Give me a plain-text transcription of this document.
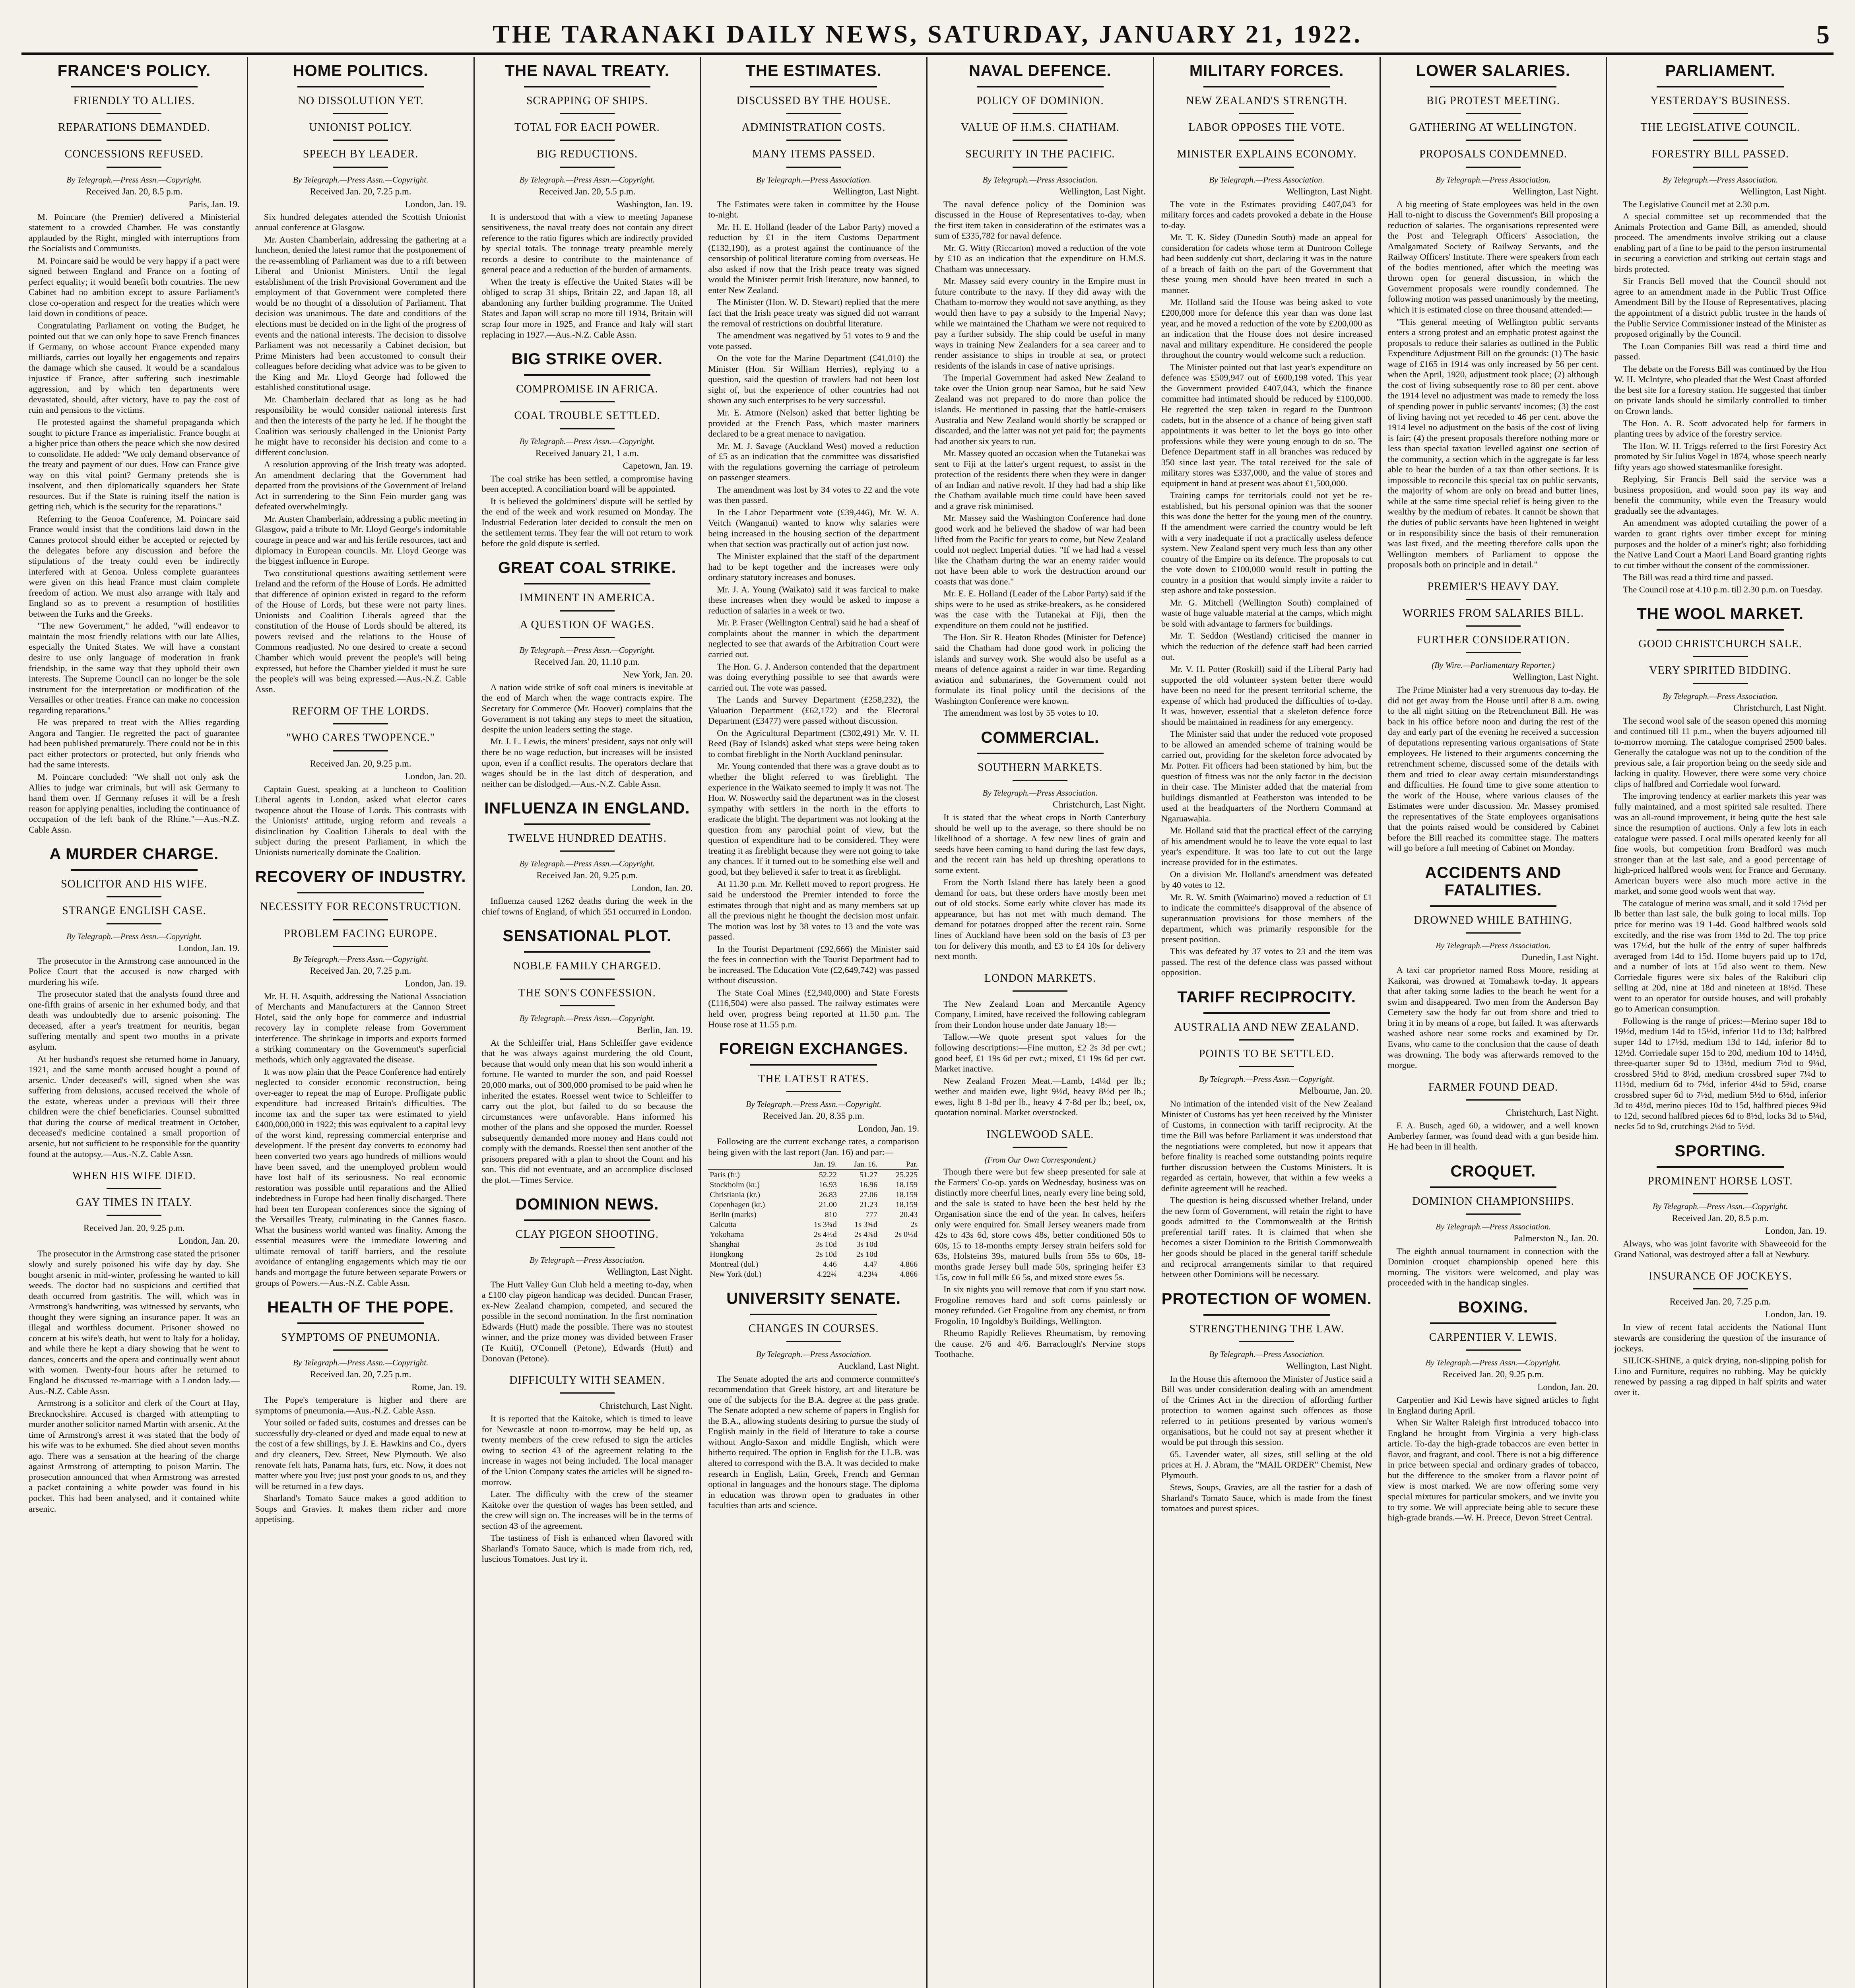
THE TARANAKI DAILY NEWS, SATURDAY, JANUARY 21, 1922.	5
FRANCE'S POLICY.
FRIENDLY TO ALLIES.
REPARATIONS DEMANDED.
CONCESSIONS REFUSED.
By Telegraph.—Press Assn.—Copyright.
Received Jan. 20, 8.5 p.m.
Paris, Jan. 19.

M. Poincare (the Premier) delivered a Ministerial statement to a crowded Chamber. He was constantly applauded by the Right, mingled with interruptions from the Socialists and Communists.

M. Poincare said he would be very happy if a pact were signed between England and France on a footing of perfect equality; it would benefit both countries. The new Cabinet had no ambition except to assure Parliament's close co-operation and respect for the treaties which were laid down in conditions of peace.

Congratulating Parliament on voting the Budget, he pointed out that we can only hope to save French finances if Germany, on whose account France expended many milliards, carries out loyally her engagements and repairs the damage which she caused. It would be a scandalous injustice if France, after suffering such inestimable aggression, and by which ten departments were devastated, should, after victory, have to pay the cost of ruin and pensions to the victims.

He protested against the shameful propaganda which sought to picture France as imperialistic. France bought at a higher price than others the peace which she now desired to consolidate. He added: "We only demand observance of the treaty and payment of our dues. How can France give way on this vital point? Germany pretends she is insolvent, and then diplomatically squanders her State resources. But if the State is ruining itself the nation is getting rich, which is the security for the reparations."

Referring to the Genoa Conference, M. Poincare said France would insist that the conditions laid down in the Cannes protocol should either be accepted or rejected by the delegates before any discussion and before the stipulations of the treaty could even be indirectly interfered with at Genoa. Unless complete guarantees were given on this head France must claim complete freedom of action. We must also arrange with Italy and England so as to prevent a resumption of hostilities between the Turks and the Greeks.

"The new Government," he added, "will endeavor to maintain the most friendly relations with our late Allies, especially the United States. We will have a constant desire to use only language of moderation in frank friendship, in the same way that they uphold their own interests. The Supreme Council can no longer be the sole instrument for the interpretation or modification of the Versailles or other treaties. France can make no concession regarding reparations."

He was prepared to treat with the Allies regarding Angora and Tangier. He regretted the pact of guarantee had been published prematurely. There could not be in this pact either protectors or protected, but only friends who had the same interests.

M. Poincare concluded: "We shall not only ask the Allies to judge war criminals, but will ask Germany to hand them over. If Germany refuses it will be a fresh reason for applying penalties, including the continuance of occupation of the left bank of the Rhine."—Aus.-N.Z. Cable Assn.

A MURDER CHARGE.
SOLICITOR AND HIS WIFE.
STRANGE ENGLISH CASE.
By Telegraph.—Press Assn.—Copyright.
London, Jan. 19.

The prosecutor in the Armstrong case announced in the Police Court that the accused is now charged with murdering his wife.

The prosecutor stated that the analysts found three and one-fifth grains of arsenic in her exhumed body, and that death was undoubtedly due to arsenic poisoning. The deceased, after a year's treatment for neuritis, began suffering mentally and spent two months in a private asylum.

At her husband's request she returned home in January, 1921, and the same month accused bought a pound of arsenic. Under deceased's will, signed when she was suffering from delusions, accused received the whole of the estate, whereas under a previous will their three children were the chief beneficiaries. Counsel submitted that during the course of medical treatment in October, deceased's medicine contained a small proportion of arsenic, but not sufficient to be responsible for the quantity found at the autopsy.—Aus.-N.Z. Cable Assn.

WHEN HIS WIFE DIED.
GAY TIMES IN ITALY.
Received Jan. 20, 9.25 p.m.
London, Jan. 20.

The prosecutor in the Armstrong case stated the prisoner slowly and surely poisoned his wife day by day. She bought arsenic in mid-winter, professing he wanted to kill weeds. The doctor had no suspicions and certified that death occurred from gastritis. The will, which was in Armstrong's handwriting, was witnessed by servants, who thought they were signing an insurance paper. It was an illegal and worthless document. Prisoner showed no concern at his wife's death, but went to Italy for a holiday, and while there he kept a diary showing that he went to dances, concerts and the opera and continually went about with women. Twenty-four hours after he returned to England he discussed re-marriage with a London lady.—Aus.-N.Z. Cable Assn.

Armstrong is a solicitor and clerk of the Court at Hay, Brecknockshire. Accused is charged with attempting to murder another solicitor named Martin with arsenic. At the time of Armstrong's arrest it was stated that the body of his wife was to be exhumed. She died about seven months ago. There was a sensation at the hearing of the charge against Armstrong of attempting to poison Martin. The prosecution announced that when Armstrong was arrested a packet containing a white powder was found in his pocket. This had been analysed, and it contained white arsenic.

HOME POLITICS.
NO DISSOLUTION YET.
UNIONIST POLICY.
SPEECH BY LEADER.
By Telegraph.—Press Assn.—Copyright.
Received Jan. 20, 7.25 p.m.
London, Jan. 19.

Six hundred delegates attended the Scottish Unionist annual conference at Glasgow.

Mr. Austen Chamberlain, addressing the gathering at a luncheon, denied the latest rumor that the postponement of the re-assembling of Parliament was due to a rift between Liberal and Unionist Ministers. Until the legal establishment of the Irish Provisional Government and the employment of that Government were completed there would be no thought of a dissolution of Parliament. That decision was unanimous. The date and conditions of the elections must be decided on in the light of the progress of events and the national interests. The decision to dissolve Parliament was not necessarily a Cabinet decision, but Prime Ministers had been accustomed to consult their colleagues before deciding what advice was to be given to the King and Mr. Lloyd George had followed the established constitutional usage.

Mr. Chamberlain declared that as long as he had responsibility he would consider national interests first and then the interests of the party he led. If he thought the Coalition was seriously challenged in the Unionist Party he might have to reconsider his decision and come to a different conclusion.

A resolution approving of the Irish treaty was adopted. An amendment declaring that the Government had departed from the provisions of the Government of Ireland Act in surrendering to the Sinn Fein murder gang was defeated overwhelmingly.

Mr. Austen Chamberlain, addressing a public meeting in Glasgow, paid a tribute to Mr. Lloyd George's indomitable courage in peace and war and his fertile resources, tact and diplomacy in European councils. Mr. Lloyd George was the biggest influence in Europe.

Two constitutional questions awaiting settlement were Ireland and the reform of the House of Lords. He admitted that difference of opinion existed in regard to the reform of the House of Lords, but these were not party lines. Unionists and Coalition Liberals agreed that the constitution of the House of Lords should be altered, its powers revised and the relations to the House of Commons readjusted. No one desired to create a second Chamber which would prevent the people's will being expressed, but before the Chamber yielded it must be sure the people's will was being expressed.—Aus.-N.Z. Cable Assn.

REFORM OF THE LORDS.
"WHO CARES TWOPENCE."
Received Jan. 20, 9.25 p.m.
London, Jan. 20.

Captain Guest, speaking at a luncheon to Coalition Liberal agents in London, asked what elector cares twopence about the House of Lords. This contrasts with the Unionists' attitude, urging reform and reveals a disinclination by Coalition Liberals to deal with the subject during the present Parliament, in which the Unionists numerically dominate the Coalition.

RECOVERY OF INDUSTRY.
NECESSITY FOR RECONSTRUCTION.
PROBLEM FACING EUROPE.
By Telegraph.—Press Assn.—Copyright.
Received Jan. 20, 7.25 p.m.
London, Jan. 19.

Mr. H. H. Asquith, addressing the National Association of Merchants and Manufacturers at the Cannon Street Hotel, said the only hope for commerce and industrial recovery lay in complete release from Government interference. The shrinkage in imports and exports formed a striking commentary on the Government's superficial methods, which only aggravated the disease.

It was now plain that the Peace Conference had entirely neglected to consider economic reconstruction, being over-eager to repeat the map of Europe. Profligate public expenditure had increased Britain's difficulties. The income tax and the super tax were estimated to yield £400,000,000 in 1922; this was equivalent to a capital levy of the worst kind, repressing commercial enterprise and development. If the present day converts to economy had been converted two years ago hundreds of millions would have been saved, and the unemployed problem would have lost half of its seriousness. No real economic restoration was possible until reparations and the Allied indebtedness in Europe had been finally discharged. There had been ten European conferences since the signing of the Versailles Treaty, culminating in the Cannes fiasco. What the business world wanted was finality. Among the essential measures were the immediate lowering and ultimate removal of tariff barriers, and the resolute avoidance of entangling engagements which may tie our hands and mortgage the future between separate Powers or groups of Powers.—Aus.-N.Z. Cable Assn.

HEALTH OF THE POPE.
SYMPTOMS OF PNEUMONIA.
By Telegraph.—Press Assn.—Copyright.
Received Jan. 20, 7.25 p.m.
Rome, Jan. 19.

The Pope's temperature is higher and there are symptoms of pneumonia.—Aus.-N.Z. Cable Assn.

Your soiled or faded suits, costumes and dresses can be successfully dry-cleaned or dyed and made equal to new at the cost of a few shillings, by J. E. Hawkins and Co., dyers and dry cleaners, Dev. Street, New Plymouth. We also renovate felt hats, Panama hats, furs, etc. Now, it does not matter where you live; just post your goods to us, and they will be returned in a few days.

Sharland's Tomato Sauce makes a good addition to Soups and Gravies. It makes them richer and more appetising.

THE NAVAL TREATY.
SCRAPPING OF SHIPS.
TOTAL FOR EACH POWER.
BIG REDUCTIONS.
By Telegraph.—Press Assn.—Copyright.
Received Jan. 20, 5.5 p.m.
Washington, Jan. 19.

It is understood that with a view to meeting Japanese sensitiveness, the naval treaty does not contain any direct reference to the ratio figures which are indirectly provided by special totals. The tonnage treaty preamble merely records a desire to contribute to the maintenance of general peace and a reduction of the burden of armaments.

When the treaty is effective the United States will be obliged to scrap 31 ships, Britain 22, and Japan 18, all abandoning any further building programme. The United States and Japan will scrap no more till 1934, Britain will scrap four more in 1925, and France and Italy will start replacing in 1927.—Aus.-N.Z. Cable Assn.

BIG STRIKE OVER.
COMPROMISE IN AFRICA.
COAL TROUBLE SETTLED.
By Telegraph.—Press Assn.—Copyright.
Received January 21, 1 a.m.
Capetown, Jan. 19.

The coal strike has been settled, a compromise having been accepted. A conciliation board will be appointed.

It is believed the goldminers' dispute will be settled by the end of the week and work resumed on Monday. The Industrial Federation later decided to consult the men on the settlement terms. They fear the will not return to work before the gold dispute is settled.

GREAT COAL STRIKE.
IMMINENT IN AMERICA.
A QUESTION OF WAGES.
By Telegraph.—Press Assn.—Copyright.
Received Jan. 20, 11.10 p.m.
New York, Jan. 20.

A nation wide strike of soft coal miners is inevitable at the end of March when the wage contracts expire. The Secretary for Commerce (Mr. Hoover) complains that the Government is not taking any steps to meet the situation, despite the union leaders setting the stage.

Mr. J. L. Lewis, the miners' president, says not only will there be no wage reduction, but increases will be insisted upon, even if a conflict results. The operators declare that wages should be in the last ditch of desperation, and neither can be dislodged.—Aus.-N.Z. Cable Assn.

INFLUENZA IN ENGLAND.
TWELVE HUNDRED DEATHS.
By Telegraph.—Press Assn.—Copyright.
Received Jan. 20, 9.25 p.m.
London, Jan. 20.

Influenza caused 1262 deaths during the week in the chief towns of England, of which 551 occurred in London.

SENSATIONAL PLOT.
NOBLE FAMILY CHARGED.
THE SON'S CONFESSION.
By Telegraph.—Press Assn.—Copyright.
Berlin, Jan. 19.

At the Schleiffer trial, Hans Schleiffer gave evidence that he was always against murdering the old Count, because that would only mean that his son would inherit a fortune. He wanted to murder the son, and paid Roessel 20,000 marks, out of 300,000 promised to be paid when he inherited the estates. Roessel went twice to Schleiffer to carry out the plot, but failed to do so because the circumstances were unfavorable. Hans informed his mother of the plans and she opposed the murder. Roessel subsequently demanded more money and Hans could not comply with the demands. Roessel then sent another of the prisoners prepared with a plan to shoot the Count and his son. This did not eventuate, and an accomplice disclosed the plot.—Times Service.

DOMINION NEWS.
CLAY PIGEON SHOOTING.
By Telegraph.—Press Association.
Wellington, Last Night.

The Hutt Valley Gun Club held a meeting to-day, when a £100 clay pigeon handicap was decided. Duncan Fraser, ex-New Zealand champion, competed, and secured the possible in the second nomination. In the first nomination Edwards (Hutt) made the possible. There was no stoutest winner, and the prize money was divided between Fraser (Te Kuiti), O'Connell (Petone), Edwards (Hutt) and Donovan (Petone).

DIFFICULTY WITH SEAMEN.
Christchurch, Last Night.

It is reported that the Kaitoke, which is timed to leave for Newcastle at noon to-morrow, may be held up, as twenty members of the crew refused to sign the articles owing to section 43 of the agreement relating to the increase in wages not being included. The local manager of the Union Company states the articles will be signed to-morrow.

Later. The difficulty with the crew of the steamer Kaitoke over the question of wages has been settled, and the crew will sign on. The increases will be in the terms of section 43 of the agreement.

The tastiness of Fish is enhanced when flavored with Sharland's Tomato Sauce, which is made from rich, red, luscious Tomatoes. Just try it.

THE ESTIMATES.
DISCUSSED BY THE HOUSE.
ADMINISTRATION COSTS.
MANY ITEMS PASSED.
By Telegraph.—Press Association.
Wellington, Last Night.

The Estimates were taken in committee by the House to-night.

Mr. H. E. Holland (leader of the Labor Party) moved a reduction by £1 in the item Customs Department (£132,190), as a protest against the continuance of the censorship of political literature coming from overseas. He also asked if now that the Irish peace treaty was signed would the Minister permit Irish literature, now banned, to enter New Zealand.

The Minister (Hon. W. D. Stewart) replied that the mere fact that the Irish peace treaty was signed did not warrant the removal of restrictions on doubtful literature.

The amendment was negatived by 51 votes to 9 and the vote passed.

On the vote for the Marine Department (£41,010) the Minister (Hon. Sir William Herries), replying to a question, said the question of trawlers had not been lost sight of, but the experience of other countries had not shown any such enterprises to be very successful.

Mr. E. Atmore (Nelson) asked that better lighting be provided at the French Pass, which master mariners declared to be a great menace to navigation.

Mr. M. J. Savage (Auckland West) moved a reduction of £5 as an indication that the committee was dissatisfied with the regulations governing the carriage of petroleum on passenger steamers.

The amendment was lost by 34 votes to 22 and the vote was then passed.

In the Labor Department vote (£39,446), Mr. W. A. Veitch (Wanganui) wanted to know why salaries were being increased in the housing section of the department when that section was practically out of action just now.

The Minister explained that the staff of the department had to be kept together and the increases were only ordinary statutory increases and bonuses.

Mr. J. A. Young (Waikato) said it was farcical to make these increases when they would be asked to impose a reduction of salaries in a week or two.

Mr. P. Fraser (Wellington Central) said he had a sheaf of complaints about the manner in which the department neglected to see that awards of the Arbitration Court were carried out.

The Hon. G. J. Anderson contended that the department was doing everything possible to see that awards were carried out. The vote was passed.

The Lands and Survey Department (£258,232), the Valuation Department (£62,172) and the Electoral Department (£3477) were passed without discussion.

On the Agricultural Department (£302,491) Mr. V. H. Reed (Bay of Islands) asked what steps were being taken to combat fireblight in the North Auckland peninsular.

Mr. Young contended that there was a grave doubt as to whether the blight referred to was fireblight. The experience in the Waikato seemed to imply it was not. The Hon. W. Nosworthy said the department was in the closest sympathy with settlers in the north in the efforts to eradicate the blight. The department was not looking at the question from any parochial point of view, but the question of expenditure had to be considered. They were treating it as fireblight because they were not going to take any chances. If it turned out to be something else well and good, but they believed it safer to treat it as fireblight.

At 11.30 p.m. Mr. Kellett moved to report progress. He said he understood the Premier intended to force the estimates through that night and as many members sat up all the previous night he thought the decision most unfair. The motion was lost by 38 votes to 13 and the vote was passed.

In the Tourist Department (£92,666) the Minister said the fees in connection with the Tourist Department had to be increased. The Education Vote (£2,649,742) was passed without discussion.

The State Coal Mines (£2,940,000) and State Forests (£116,504) were also passed. The railway estimates were held over, progress being reported at 11.50 p.m. The House rose at 11.55 p.m.

FOREIGN EXCHANGES.
THE LATEST RATES.
By Telegraph.—Press Assn.—Copyright.
Received Jan. 20, 8.35 p.m.
London, Jan. 19.

Following are the current exchange rates, a comparison being given with the last report (Jan. 16) and par:—

	Jan. 19.	Jan. 16.	Par.
Paris (fr.)	52.22	51.27	25.225
Stockholm (kr.)	16.93	16.96	18.159
Christiania (kr.)	26.83	27.06	18.159
Copenhagen (kr.)	21.00	21.23	18.159
Berlin (marks)	810	777	20.43
Calcutta	1s 3¾d	1s 3⅝d	2s
Yokohama	2s 4½d	2s 4⅞d	2s 0½d
Shanghai	3s 10d	3s 10d	
Hongkong	2s 10d	2s 10d	
Montreal (dol.)	4.46	4.47	4.866
New York (dol.)	4.22¼	4.23¼	4.866
UNIVERSITY SENATE.
CHANGES IN COURSES.
By Telegraph.—Press Association.
Auckland, Last Night.

The Senate adopted the arts and commerce committee's recommendation that Greek history, art and literature be one of the subjects for the B.A. degree at the pass grade. The Senate adopted a new scheme of papers in English for the B.A., allowing students desiring to pursue the study of English mainly in the field of literature to take a course without Anglo-Saxon and middle English, which were hitherto required. The option in English for the LL.B. was altered to correspond with the B.A. It was decided to make research in English, Latin, Greek, French and German optional in languages and the honours stage. The diploma in education was thrown open to graduates in other faculties than arts and science.

NAVAL DEFENCE.
POLICY OF DOMINION.
VALUE OF H.M.S. CHATHAM.
SECURITY IN THE PACIFIC.
By Telegraph.—Press Association.
Wellington, Last Night.

The naval defence policy of the Dominion was discussed in the House of Representatives to-day, when the first item taken in consideration of the estimates was a sum of £335,782 for naval defence.

Mr. G. Witty (Riccarton) moved a reduction of the vote by £10 as an indication that the expenditure on H.M.S. Chatham was unnecessary.

Mr. Massey said every country in the Empire must in future contribute to the navy. If they did away with the Chatham to-morrow they would not save anything, as they would then have to pay a subsidy to the Imperial Navy; while we maintained the Chatham we were not required to pay a further subsidy. The ship could be useful in many ways in training New Zealanders for a sea career and to render assistance to ships in trouble at sea, or protect residents of the islands in case of native uprisings.

The Imperial Government had asked New Zealand to take over the Union group near Samoa, but he said New Zealand was not prepared to do more than police the islands. He mentioned in passing that the battle-cruisers Australia and New Zealand would shortly be scrapped or discarded, and the latter was not yet paid for; the payments had another six years to run.

Mr. Massey quoted an occasion when the Tutanekai was sent to Fiji at the latter's urgent request, to assist in the protection of the residents there when they were in danger of an Indian and native revolt. If they had had a ship like the Chatham available much time could have been saved and a grave risk minimised.

Mr. Massey said the Washington Conference had done good work and he believed the shadow of war had been lifted from the Pacific for years to come, but New Zealand could not neglect Imperial duties. "If we had had a vessel like the Chatham during the war an enemy raider would not have been able to work the destruction around our coasts that was done."

Mr. E. E. Holland (Leader of the Labor Party) said if the ships were to be used as strike-breakers, as he considered was the case with the Tutanekai at Fiji, then the expenditure on them could not be justified.

The Hon. Sir R. Heaton Rhodes (Minister for Defence) said the Chatham had done good work in policing the islands and survey work. She would also be useful as a means of defence against a raider in war time. Regarding aviation and submarines, the Government could not formulate its final policy until the decisions of the Washington Conference were known.

The amendment was lost by 55 votes to 10.

COMMERCIAL.
SOUTHERN MARKETS.
By Telegraph.—Press Association.
Christchurch, Last Night.

It is stated that the wheat crops in North Canterbury should be well up to the average, so there should be no likelihood of a shortage. A few new lines of grain and seeds have been coming to hand during the last few days, and the recent rain has held up threshing operations to some extent.

From the North Island there has lately been a good demand for oats, but these orders have mostly been met out of old stocks. Some early white clover has made its appearance, but has not met with much demand. The demand for potatoes dropped after the recent rain. Some lines of Auckland have been sold on the basis of £3 per ton for delivery this month, and £3 to £4 10s for delivery next month.

LONDON MARKETS.

The New Zealand Loan and Mercantile Agency Company, Limited, have received the following cablegram from their London house under date January 18:—

Tallow.—We quote present spot values for the following descriptions:—Fine mutton, £2 2s 3d per cwt.; good beef, £1 19s 6d per cwt.; mixed, £1 19s 6d per cwt. Market inactive.

New Zealand Frozen Meat.—Lamb, 14¼d per lb.; wether and maiden ewe, light 9½d, heavy 8½d per lb.; ewes, light 8 1-8d per lb., heavy 4 7-8d per lb.; beef, ox, quotation nominal. Market overstocked.

INGLEWOOD SALE.
(From Our Own Correspondent.)

Though there were but few sheep presented for sale at the Farmers' Co-op. yards on Wednesday, business was on distinctly more cheerful lines, nearly every line being sold, and the sale is stated to have been the best held by the Organisation since the end of the year. In calves, heifers only were enquired for. Small Jersey weaners made from 42s to 43s 6d, store cows 48s, better conditioned 50s to 60s, 15 to 18-months empty Jersey strain heifers sold for 63s, Holsteins 39s, matured bulls from 55s to 60s, 18-months grade Jersey bull made 50s, springing heifer £3 15s, cow in full milk £6 5s, and mixed store ewes 5s.

In six nights you will remove that corn if you start now. Frogoline removes hard and soft corns painlessly or money refunded. Get Frogoline from any chemist, or from Frogolin, 10 Ingoldby's Buildings, Wellington.

Rheumo Rapidly Relieves Rheumatism, by removing the cause. 2/6 and 4/6. Barraclough's Nervine stops Toothache.

MILITARY FORCES.
NEW ZEALAND'S STRENGTH.
LABOR OPPOSES THE VOTE.
MINISTER EXPLAINS ECONOMY.
By Telegraph.—Press Association.
Wellington, Last Night.

The vote in the Estimates providing £407,043 for military forces and cadets provoked a debate in the House to-day.

Mr. T. K. Sidey (Dunedin South) made an appeal for consideration for cadets whose term at Duntroon College had been suddenly cut short, declaring it was in the nature of a breach of faith on the part of the Government that these young men should have been treated in such a manner.

Mr. Holland said the House was being asked to vote £200,000 more for defence this year than was done last year, and he moved a reduction of the vote by £200,000 as an indication that the House does not desire increased naval and military expenditure. He considered the people throughout the country would welcome such a reduction.

The Minister pointed out that last year's expenditure on defence was £509,947 out of £600,198 voted. This year the Government provided £407,043, which the finance committee had intimated should be reduced by £100,000. He regretted the step taken in regard to the Duntroon cadets, but in the absence of a chance of being given staff appointments it was better to let the boys go into other professions while they were young enough to do so. The Defence Department staff in all branches was reduced by 350 since last year. The total received for the sale of military stores was £337,000, and the value of stores and equipment in hand at present was about £1,500,000.

Training camps for territorials could not yet be re-established, but his personal opinion was that the sooner this was done the better for the young men of the country. If the amendment were carried the country would be left with a very inadequate if not a practically useless defence system. New Zealand spent very much less than any other country of the Empire on its defence. The proposals to cut the vote down to £100,000 would result in putting the country in a position that would simply invite a raider to step ashore and take possession.

Mr. G. Mitchell (Wellington South) complained of waste of huge valuable material at the camps, which might be sold with advantage to farmers for buildings.

Mr. T. Seddon (Westland) criticised the manner in which the reduction of the defence staff had been carried out.

Mr. V. H. Potter (Roskill) said if the Liberal Party had supported the old volunteer system better there would have been no need for the present territorial scheme, the expense of which had produced the difficulties of to-day. It was, however, essential that a skeleton defence force should be maintained in readiness for any emergency.

The Minister said that under the reduced vote proposed to be allowed an amended scheme of training would be carried out, providing for the skeleton force advocated by Mr. Potter. Fit officers had been stationed by him, but the question of fitness was not the only factor in the decision in their case. The Minister added that the material from buildings dismantled at Featherston was intended to be used at the headquarters of the Northern Command at Ngaruawahia.

Mr. Holland said that the practical effect of the carrying of his amendment would be to leave the vote equal to last year's expenditure. It was too late to cut out the large increase provided for in the estimates.

On a division Mr. Holland's amendment was defeated by 40 votes to 12.

Mr. R. W. Smith (Waimarino) moved a reduction of £1 to indicate the committee's disapproval of the absence of superannuation provisions for those members of the department, which was primarily responsible for the present position.

This was defeated by 37 votes to 23 and the item was passed. The rest of the defence class was passed without opposition.

TARIFF RECIPROCITY.
AUSTRALIA AND NEW ZEALAND.
POINTS TO BE SETTLED.
By Telegraph.—Press Assn.—Copyright.
Melbourne, Jan. 20.

No intimation of the intended visit of the New Zealand Minister of Customs has yet been received by the Minister of Customs, in connection with tariff reciprocity. At the time the Bill was before Parliament it was understood that the negotiations were completed, but now it appears that before finality is reached some outstanding points require further discussion between the Customs Ministers. It is regarded as certain, however, that within a few weeks a definite agreement will be reached.

The question is being discussed whether Ireland, under the new form of Government, will retain the right to have goods admitted to the Commonwealth at the British preferential tariff rates. It is claimed that when she becomes a sister Dominion to the British Commonwealth her goods should be placed in the general tariff schedule and reciprocal arrangements similar to that required between other Dominions will be necessary.

PROTECTION OF WOMEN.
STRENGTHENING THE LAW.
By Telegraph.—Press Association.
Wellington, Last Night.

In the House this afternoon the Minister of Justice said a Bill was under consideration dealing with an amendment of the Crimes Act in the direction of affording further protection to women against such offences as those referred to in petitions presented by various women's organisations, but he could not say at present whether it would be put through this session.

65. Lavender water, all sizes, still selling at the old prices at H. J. Abram, the "MAIL ORDER" Chemist, New Plymouth.

Stews, Soups, Gravies, are all the tastier for a dash of Sharland's Tomato Sauce, which is made from the finest tomatoes and purest spices.

LOWER SALARIES.
BIG PROTEST MEETING.
GATHERING AT WELLINGTON.
PROPOSALS CONDEMNED.
By Telegraph.—Press Association.
Wellington, Last Night.

A big meeting of State employees was held in the own Hall to-night to discuss the Government's Bill proposing a reduction of salaries. The organisations represented were the Post and Telegraph Officers' Association, the Amalgamated Society of Railway Servants, and the Railway Officers' Institute. There were speakers from each of the bodies mentioned, after which the meeting was thrown open for general discussion, in which the Government proposals were roundly condemned. The following motion was passed unanimously by the meeting, which it is estimated close on three thousand attended:—

"This general meeting of Wellington public servants enters a strong protest and an emphatic protest against the proposals to reduce their salaries as outlined in the Public Expenditure Adjustment Bill on the grounds: (1) The basic wage of £165 in 1914 was only increased by 56 per cent. when the April, 1920, adjustment took place; (2) although the cost of living subsequently rose to 80 per cent. above the 1914 level no adjustment was made to remedy the loss of spending power in public servants' incomes; (3) the cost of living having not yet receded to 46 per cent. above the 1914 level no adjustment on the basis of the cost of living is fair; (4) the present proposals therefore nothing more or less than special taxation levelled against one section of the community, a section which in the aggregate is far less able to bear the burden of a tax than other sections. It is impossible to reconcile this special tax on public servants, the majority of whom are only on bread and butter lines, while at the same time special relief is being given to the wealthy by the medium of rebates. It cannot be shown that the duties of public servants have been lightened in weight or in responsibility since the basis of their remuneration was last fixed, and the meeting therefore calls upon the Wellington members of Parliament to oppose the proposals both on principle and in detail."

PREMIER'S HEAVY DAY.
WORRIES FROM SALARIES BILL.
FURTHER CONSIDERATION.
(By Wire.—Parliamentary Reporter.)
Wellington, Last Night.

The Prime Minister had a very strenuous day to-day. He did not get away from the House until after 8 a.m. owing to the all night sitting on the Retrenchment Bill. He was back in his office before noon and during the rest of the day and early part of the evening he received a succession of deputations representing various organisations of State employees. He listened to their arguments concerning the retrenchment scheme, discussed some of the details with them and tried to clear away certain misunderstandings and difficulties. He found time to give some attention to the work of the House, where various clauses of the Estimates were under discussion. Mr. Massey promised the representatives of the State employees organisations that the points raised would be considered by Cabinet before the Bill reached its committee stage. The matters will go before a full meeting of Cabinet on Monday.

ACCIDENTS AND FATALITIES.
DROWNED WHILE BATHING.
By Telegraph.—Press Association.
Dunedin, Last Night.

A taxi car proprietor named Ross Moore, residing at Kaikorai, was drowned at Tomahawk to-day. It appears that after taking some ladies to the beach he went for a swim and disappeared. Two men from the Anderson Bay Cemetery saw the body far out from shore and tried to bring it in by means of a rope, but failed. It was afterwards washed ashore near some rocks and examined by Dr. Evans, who came to the conclusion that the cause of death was drowning. The body was afterwards removed to the morgue.

FARMER FOUND DEAD.
Christchurch, Last Night.

F. A. Busch, aged 60, a widower, and a well known Amberley farmer, was found dead with a gun beside him. He had been in ill health.

CROQUET.
DOMINION CHAMPIONSHIPS.
By Telegraph.—Press Association.
Palmerston N., Jan. 20.

The eighth annual tournament in connection with the Dominion croquet championship opened here this morning. The visitors were welcomed, and play was proceeded with in the handicap singles.

BOXING.
CARPENTIER V. LEWIS.
By Telegraph.—Press Assn.—Copyright.
Received Jan. 20, 9.25 p.m.
London, Jan. 20.

Carpentier and Kid Lewis have signed articles to fight in England during April.

When Sir Walter Raleigh first introduced tobacco into England he brought from Virginia a very high-class article. To-day the high-grade tobaccos are even better in flavor, and fragrant, and cool. There is not a big difference in price between special and ordinary grades of tobacco, but the difference to the smoker from a flavor point of view is most marked. We are now offering some very special mixtures for particular smokers, and we invite you to try some. We will appreciate being able to secure these high-grade brands.—W. H. Preece, Devon Street Central.

PARLIAMENT.
YESTERDAY'S BUSINESS.
THE LEGISLATIVE COUNCIL.
FORESTRY BILL PASSED.
By Telegraph.—Press Association.
Wellington, Last Night.

The Legislative Council met at 2.30 p.m.

A special committee set up recommended that the Animals Protection and Game Bill, as amended, should proceed. The amendments involve striking out a clause enabling part of a fine to be paid to the person instrumental in securing a conviction and striking out certain stags and birds protected.

Sir Francis Bell moved that the Council should not agree to an amendment made in the Public Trust Office Amendment Bill by the House of Representatives, placing the appointment of a district public trustee in the hands of the Public Service Commissioner instead of the Minister as proposed originally by the Council.

The Loan Companies Bill was read a third time and passed.

The debate on the Forests Bill was continued by the Hon W. H. McIntyre, who pleaded that the West Coast afforded the best site for a forestry station. He suggested that timber on private lands should be similarly controlled to timber on Crown lands.

The Hon. A. R. Scott advocated help for farmers in planting trees by advice of the forestry service.

The Hon. W. H. Triggs referred to the first Forestry Act promoted by Sir Julius Vogel in 1874, whose speech nearly fifty years ago showed statesmanlike foresight.

Replying, Sir Francis Bell said the service was a business proposition, and would soon pay its way and benefit the community, while even the Treasury would gradually see the advantages.

An amendment was adopted curtailing the power of a warden to grant rights over timber except for mining purposes and the holder of a miner's right; also forbidding the Native Land Court a Maori Land Board granting rights to cut timber without the consent of the commissioner.

The Bill was read a third time and passed.

The Council rose at 4.10 p.m. till 2.30 p.m. on Tuesday.

THE WOOL MARKET.
GOOD CHRISTCHURCH SALE.
VERY SPIRITED BIDDING.
By Telegraph.—Press Association.
Christchurch, Last Night.

The second wool sale of the season opened this morning and continued till 11 p.m., when the buyers adjourned till to-morrow morning. The catalogue comprised 2500 bales. Generally the catalogue was not up to the condition of the previous sale, a fair proportion being on the seedy side and lacking in quality. However, there were some very choice clips of halfbred and Corriedale wool forward.

The improving tendency at earlier markets this year was fully maintained, and a most spirited sale resulted. There was an all-round improvement, it being quite the best sale since the resumption of auctions. Only a few lots in each catalogue were passed. Local mills operated keenly for all fine wools, but competition from Bradford was much stronger than at the last sale, and a good percentage of high-priced halfbred wools went for France and Germany. American buyers were also much more active in the market, and some good wools went that way.

The catalogue of merino was small, and it sold 17½d per lb better than last sale, the bulk going to local mills. Top price for merino was 19 1-4d. Good halfbred wools sold excitedly, and the rise was from 1½d to 2d. The top price was 17½d, but the bulk of the entry of super halfbreds averaged from 14d to 15d. Home buyers paid up to 17d, and a number of lots at 15d also went to them. New Corriedale figures were six bales of the Rakiburi clip selling at 20d, nine at 18d and nineteen at 18½d. These went to an operator for outside houses, and will probably go to American consumption.

Following is the range of prices:—Merino super 18d to 19½d, medium 14d to 15½d, inferior 11d to 13d; halfbred super 14d to 17½d, medium 13d to 14d, inferior 8d to 12½d. Corriedale super 15d to 20d, medium 10d to 14½d, three-quarter super 9d to 13½d, medium 7½d to 9¼d, crossbred 5½d to 8½d, medium crossbred super 7¼d to 11½d, medium 6d to 7½d, inferior 4¼d to 5¾d, coarse crossbred super 6d to 7½d, medium 5½d to 6½d, inferior 3d to 4½d, merino pieces 10d to 15d, halfbred pieces 9¾d to 12d, second halfbred pieces 6d to 8½d, locks 3d to 5¼d, necks 5d to 9d, crutchings 2¼d to 5½d.

SPORTING.
PROMINENT HORSE LOST.
By Telegraph.—Press Assn.—Copyright.
Received Jan. 20, 8.5 p.m.
London, Jan. 19.

Always, who was joint favorite with Shaweeoid for the Grand National, was destroyed after a fall at Newbury.

INSURANCE OF JOCKEYS.
Received Jan. 20, 7.25 p.m.
London, Jan. 19.

In view of recent fatal accidents the National Hunt stewards are considering the question of the insurance of jockeys.

SILICK-SHINE, a quick drying, non-slipping polish for Lino and Furniture, requires no rubbing. May be quickly renewed by passing a rag dipped in half spirits and water over it.
